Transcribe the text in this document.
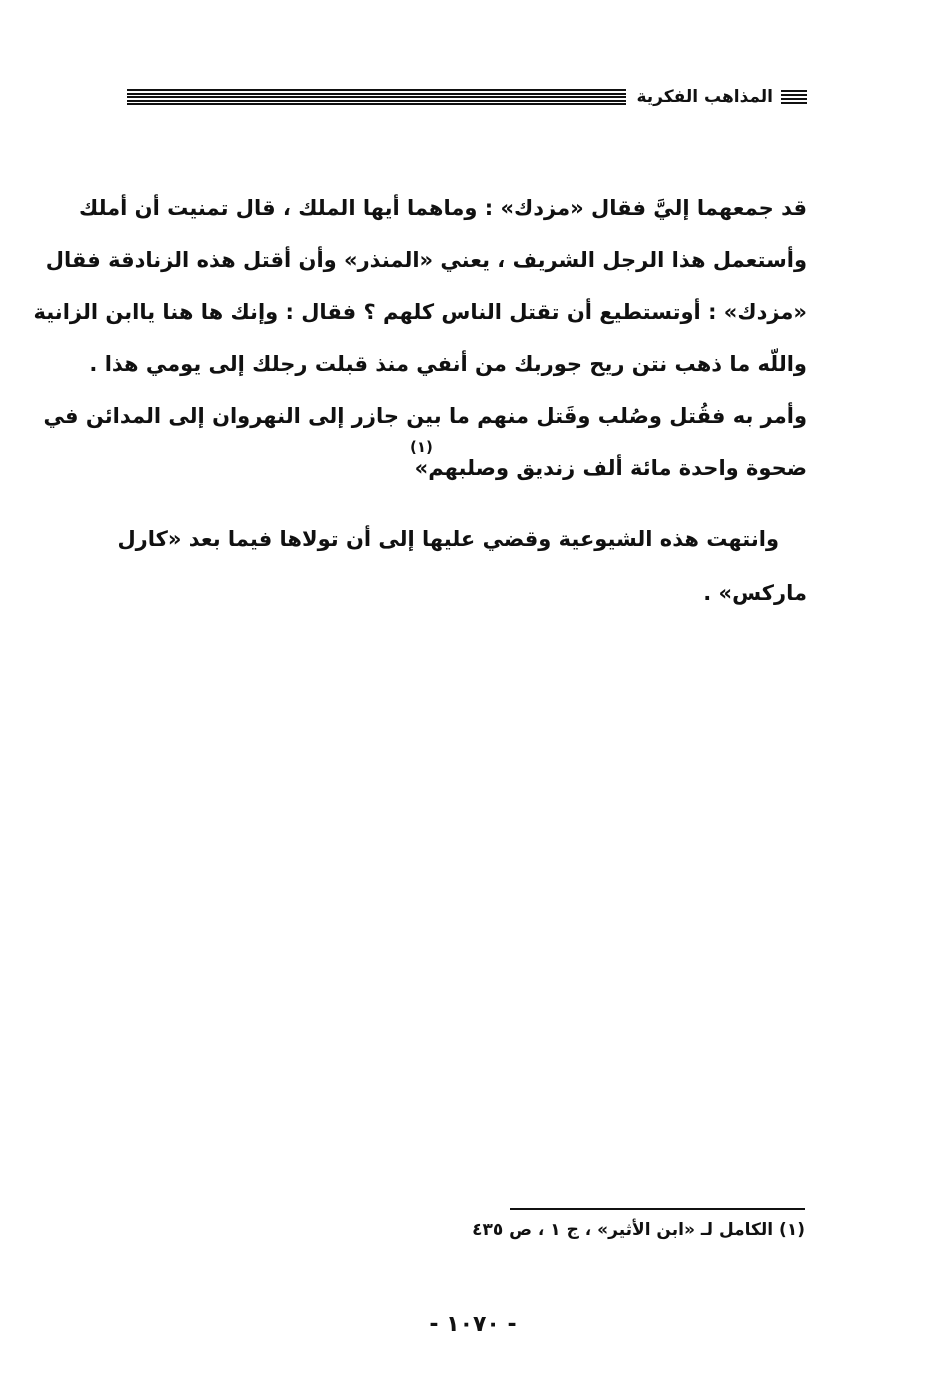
المذاهب الفكرية
قد جمعهما إليَّ فقال «مزدك» : وماهما أيها الملك ، قال تمنيت أن أملك
وأستعمل هذا الرجل الشريف ، يعني «المنذر» وأن أقتل هذه الزنادقة فقال
«مزدك» : أوتستطيع أن تقتل الناس كلهم ؟ فقال : وإنك ها هنا ياابن الزانية
واللّه ما ذهب نتن ريح جوربك من أنفي منذ قبلت رجلك إلى يومي هذا .
وأمر به فقُتل وصُلب وقَتل منهم ما بين جازر إلى النهروان إلى المدائن في
ضحوة واحدة مائة ألف زنديق وصلبهم»
(١)
وانتهت هذه الشيوعية وقضي عليها إلى أن تولاها فيما بعد «كارل
ماركس» .
(١) الكامل لـ «ابن الأثير» ، ج ١ ، ص ٤٣٥
- ١٠٧٠ -
